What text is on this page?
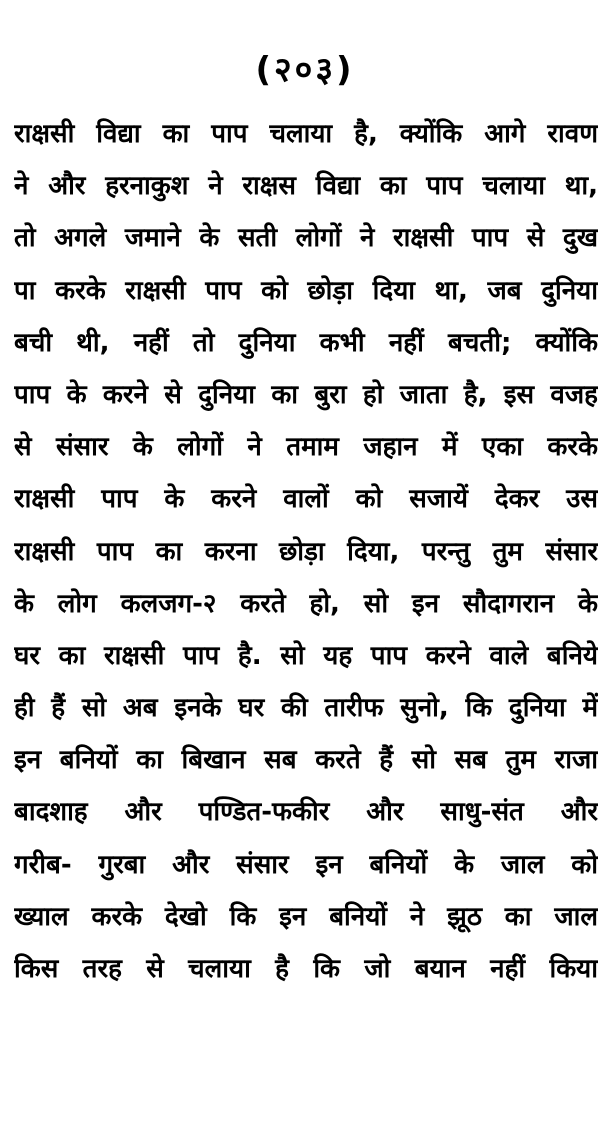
(२०३)
राक्षसी विद्या का पाप चलाया है, क्योंकि आगे रावण
ने और हरनाकुश ने राक्षस विद्या का पाप चलाया था,
तो अगले जमाने के सती लोगों ने राक्षसी पाप से दुख
पा करके राक्षसी पाप को छोड़ा दिया था, जब दुनिया
बची थी, नहीं तो दुनिया कभी नहीं बचती; क्योंकि
पाप के करने से दुनिया का बुरा हो जाता है, इस वजह
से संसार के लोगों ने तमाम जहान में एका करके
राक्षसी पाप के करने वालों को सजायें देकर उस
राक्षसी पाप का करना छोड़ा दिया, परन्तु तुम संसार
के लोग कलजग-२ करते हो, सो इन सौदागरान के
घर का राक्षसी पाप है. सो यह पाप करने वाले बनिये
ही हैं सो अब इनके घर की तारीफ सुनो, कि दुनिया में
इन बनियों का बिखान सब करते हैं सो सब तुम राजा
बादशाह और पण्डित-फकीर और साधु-संत और
गरीब- गुरबा और संसार इन बनियों के जाल को
ख्याल करके देखो कि इन बनियों ने झूठ का जाल
किस तरह से चलाया है कि जो बयान नहीं किया
